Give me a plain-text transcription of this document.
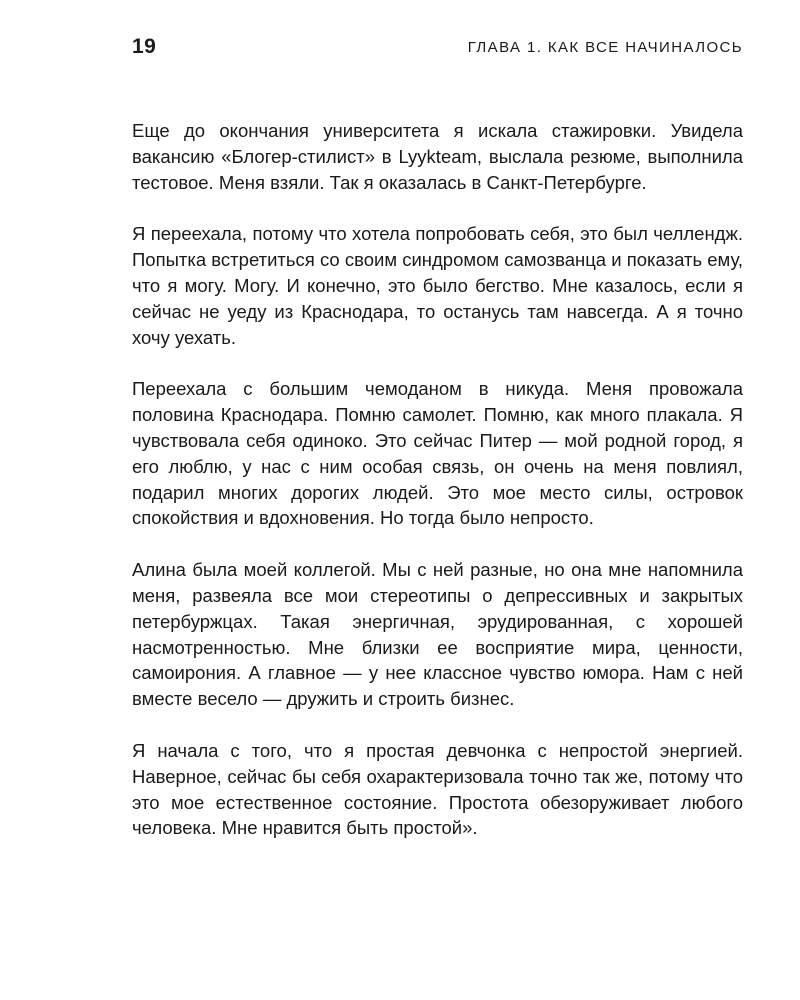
19	ГЛАВА 1. КАК ВСЕ НАЧИНАЛОСЬ

Еще до окончания университета я искала стажировки. Увидела вакансию «Блогер-стилист» в Lyykteam, выслала резюме, выполнила тестовое. Меня взяли. Так я оказалась в Санкт-Петербурге.

Я переехала, потому что хотела попробовать себя, это был челлендж. Попытка встретиться со своим синдромом самозванца и показать ему, что я могу. Могу. И конечно, это было бегство. Мне казалось, если я сейчас не уеду из Краснодара, то останусь там навсегда. А я точно хочу уехать.

Переехала с большим чемоданом в никуда. Меня провожала половина Краснодара. Помню самолет. Помню, как много плакала. Я чувствовала себя одиноко. Это сейчас Питер — мой родной город, я его люблю, у нас с ним особая связь, он очень на меня повлиял, подарил многих дорогих людей. Это мое место силы, островок спокойствия и вдохновения. Но тогда было непросто.

Алина была моей коллегой. Мы с ней разные, но она мне напомнила меня, развеяла все мои стереотипы о депрессивных и закрытых петербуржцах. Такая энергичная, эрудированная, с хорошей насмотренностью. Мне близки ее восприятие мира, ценности, самоирония. А главное — у нее классное чувство юмора. Нам с ней вместе весело — дружить и строить бизнес.

Я начала с того, что я простая девчонка с непростой энергией. Наверное, сейчас бы себя охарактеризовала точно так же, потому что это мое естественное состояние. Простота обезоруживает любого человека. Мне нравится быть простой».
